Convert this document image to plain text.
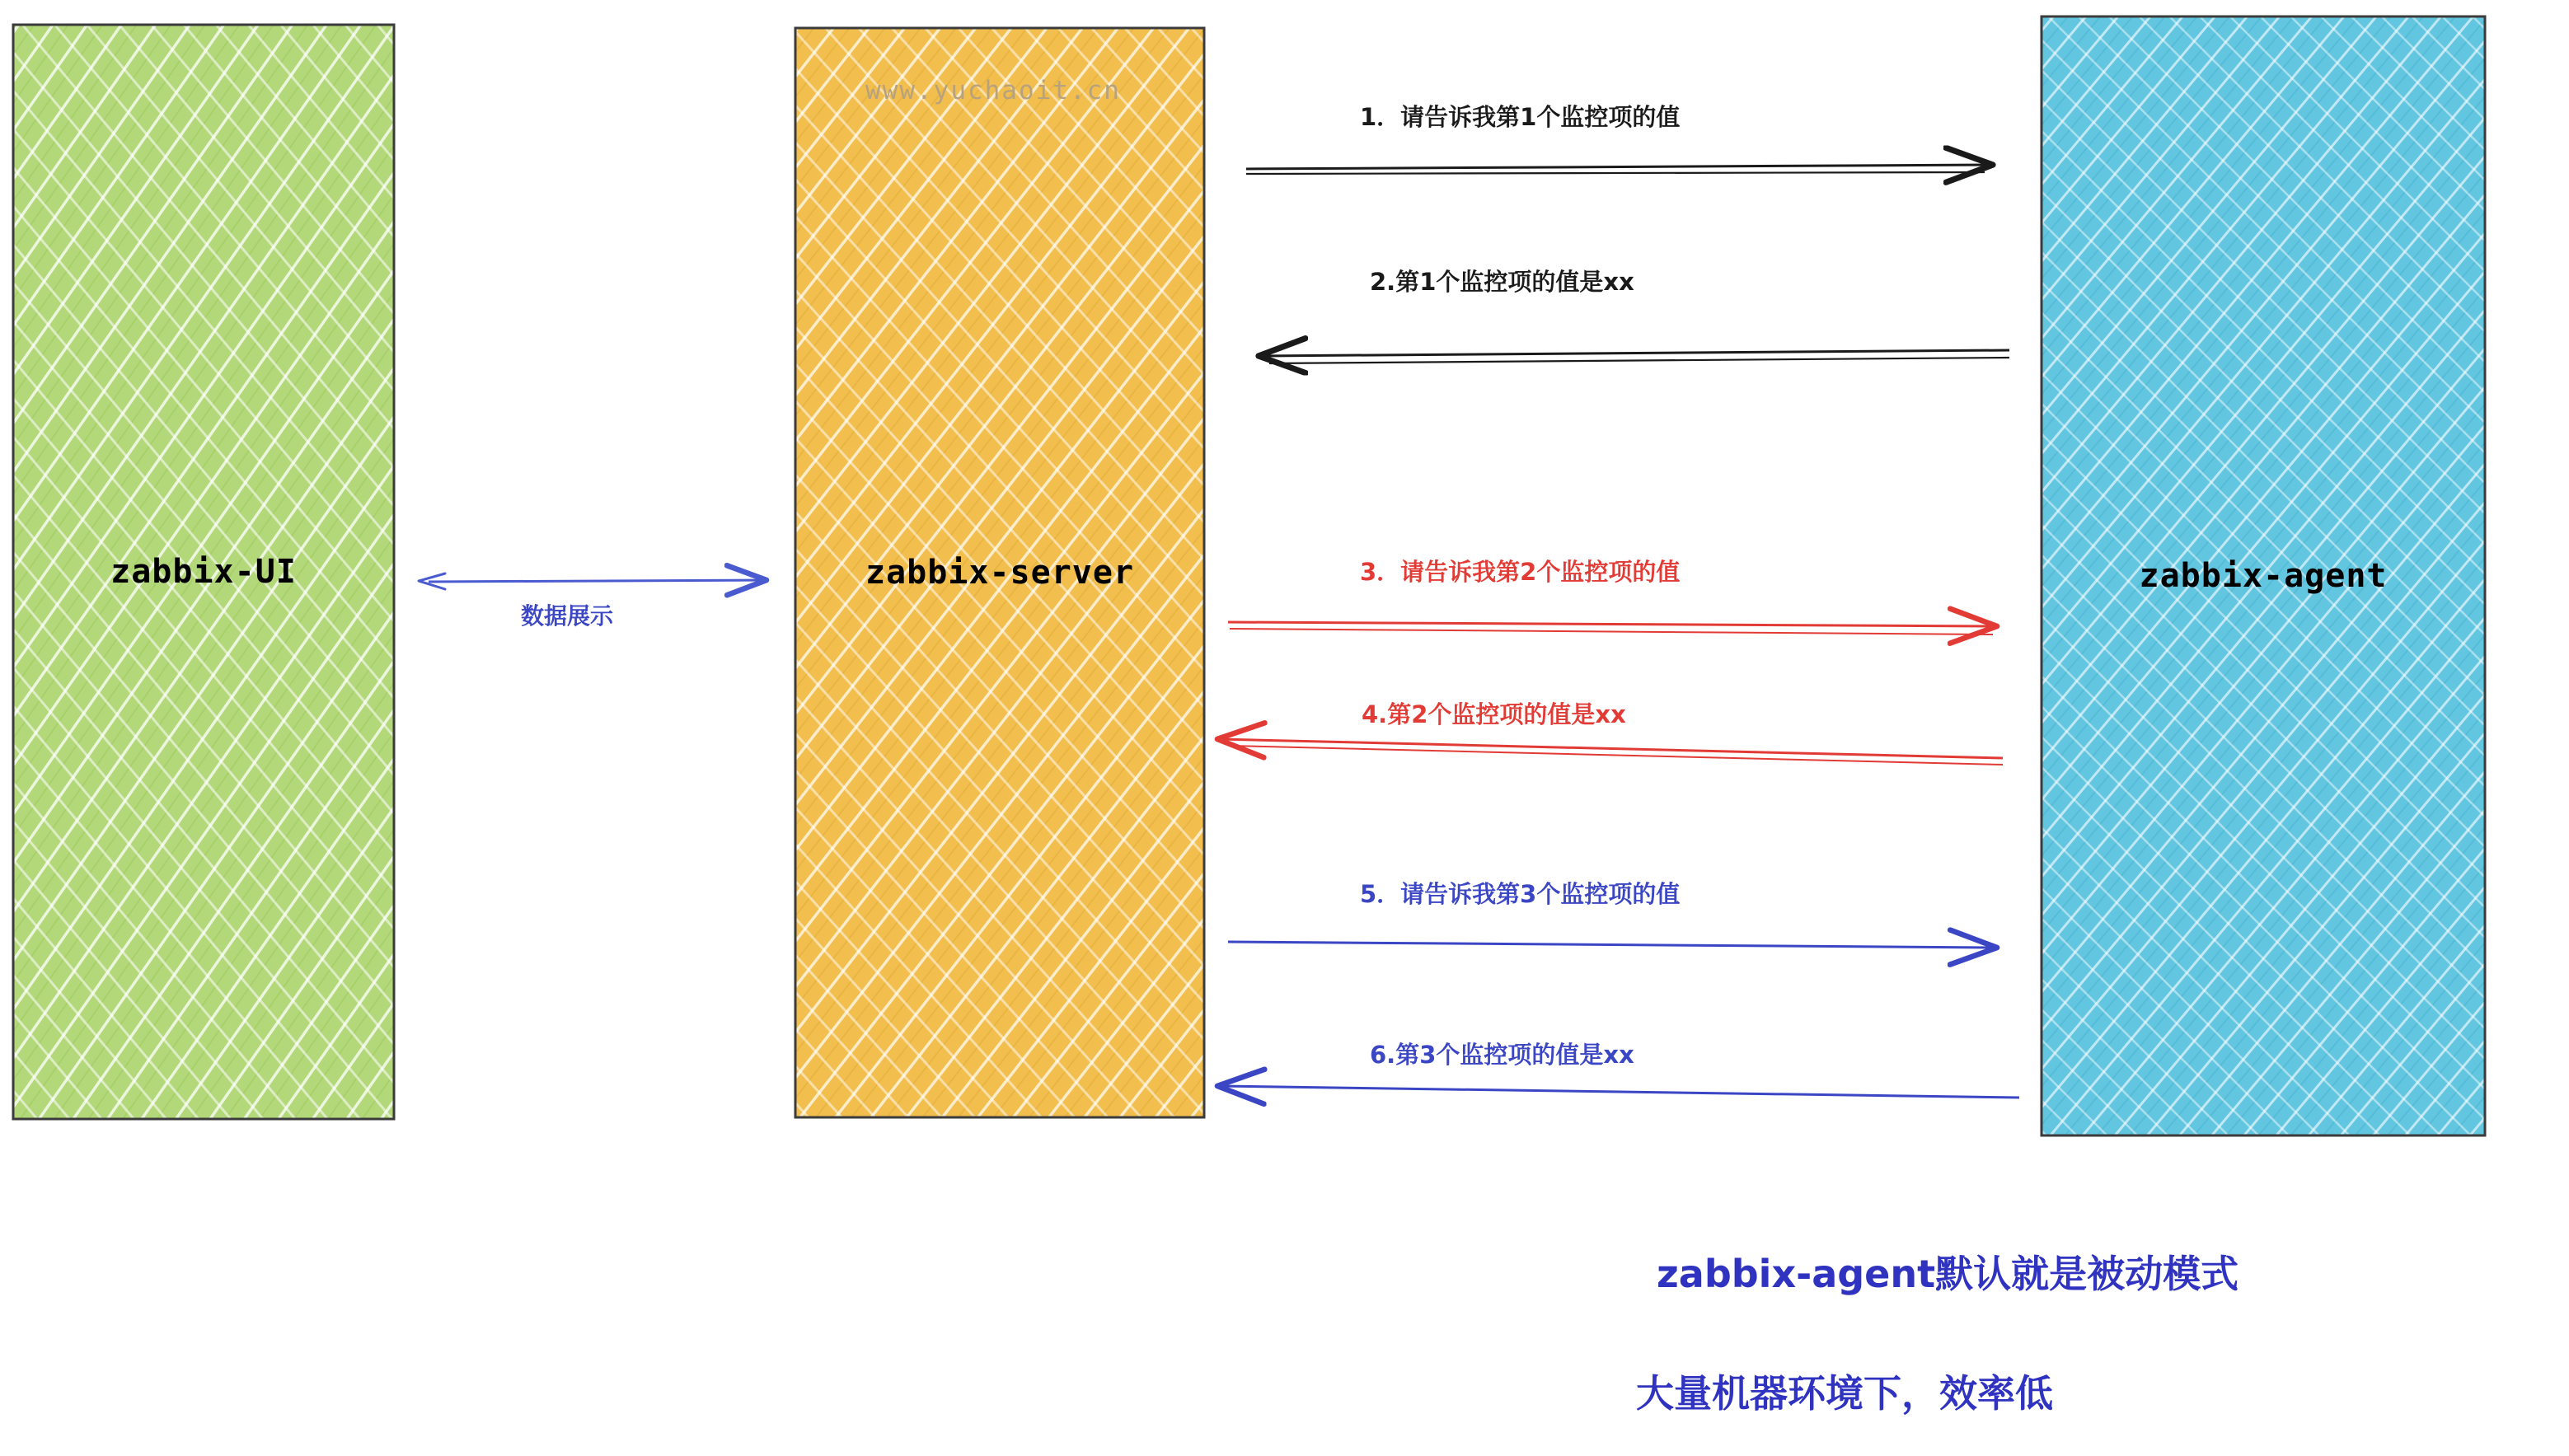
zabbix-UI	zabbix-server	zabbix-agent
www.yuchaoit.cn
数据展示
1．请告诉我第1个监控项的值
2.第1个监控项的值是xx
3．请告诉我第2个监控项的值
4.第2个监控项的值是xx
5．请告诉我第3个监控项的值
6.第3个监控项的值是xx
zabbix-agent默认就是被动模式
大量机器环境下，效率低
